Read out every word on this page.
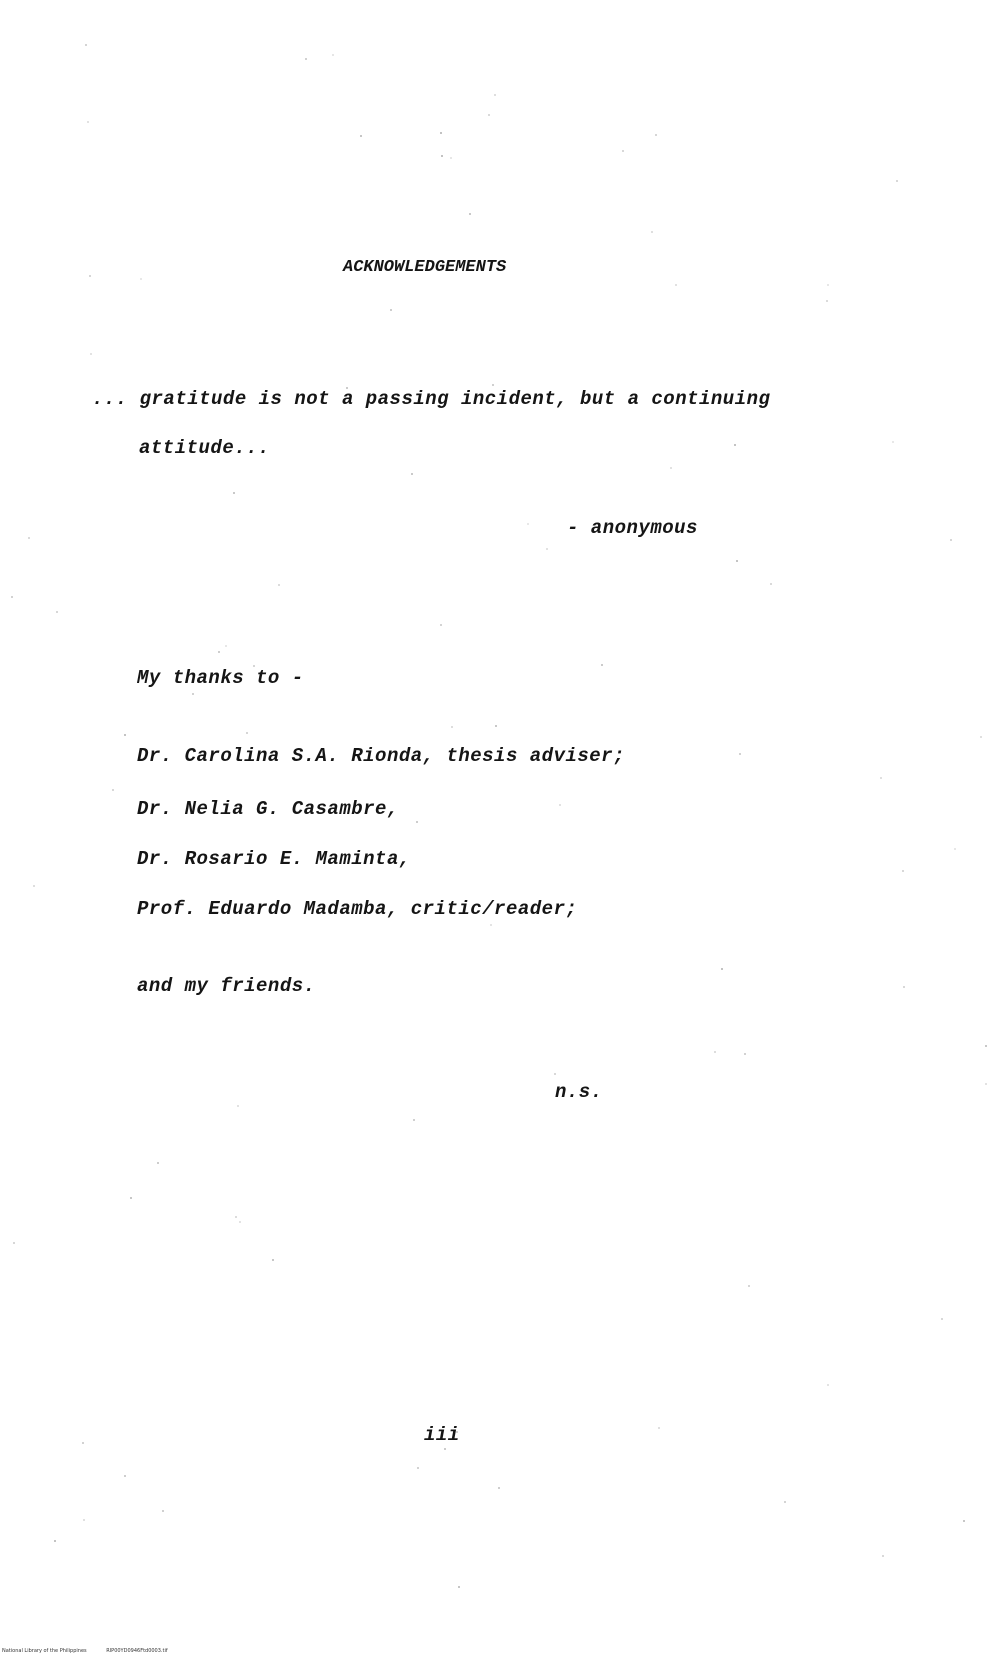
ACKNOWLEDGEMENTS
... gratitude is not a passing incident, but a continuing
attitude...
- anonymous
My thanks to -
Dr. Carolina S.A. Rionda, thesis adviser;
Dr. Nelia G. Casambre,
Dr. Rosario E. Maminta,
Prof. Eduardo Madamba, critic/reader;
and my friends.
n.s.
iii
National Library of the Philippines	RIP00YD0946Ftd0003.tif
